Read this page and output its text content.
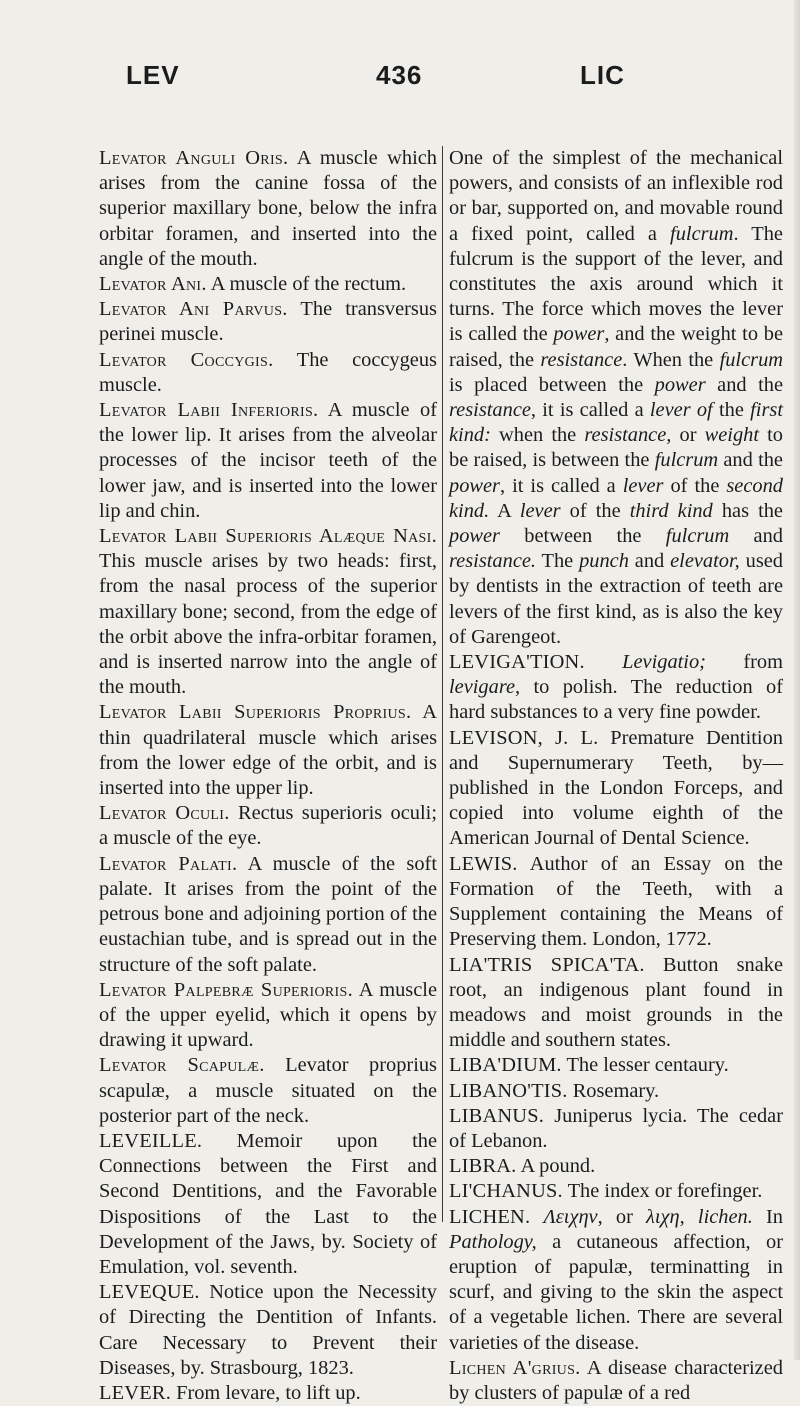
LEV	436	LIC

Levator Anguli Oris. A muscle which arises from the canine fossa of the superior maxillary bone, below the infra orbitar foramen, and inserted into the angle of the mouth.

Levator Ani. A muscle of the rectum.

Levator Ani Parvus. The transversus perinei muscle.

Levator Coccygis. The coccygeus muscle.

Levator Labii Inferioris. A muscle of the lower lip. It arises from the alveolar processes of the incisor teeth of the lower jaw, and is inserted into the lower lip and chin.

Levator Labii Superioris Alæque Nasi. This muscle arises by two heads: first, from the nasal process of the superior maxillary bone; second, from the edge of the orbit above the infra-orbitar foramen, and is inserted narrow into the angle of the mouth.

Levator Labii Superioris Proprius. A thin quadrilateral muscle which arises from the lower edge of the orbit, and is inserted into the upper lip.

Levator Oculi. Rectus superioris oculi; a muscle of the eye.

Levator Palati. A muscle of the soft palate. It arises from the point of the petrous bone and adjoining portion of the eustachian tube, and is spread out in the structure of the soft palate.

Levator Palpebræ Superioris. A muscle of the upper eyelid, which it opens by drawing it upward.

Levator Scapulæ. Levator proprius scapulæ, a muscle situated on the posterior part of the neck.

LEVEILLE. Memoir upon the Connections between the First and Second Dentitions, and the Favorable Dispositions of the Last to the Development of the Jaws, by. Society of Emulation, vol. seventh.

LEVEQUE. Notice upon the Necessity of Directing the Dentition of Infants. Care Necessary to Prevent their Diseases, by. Strasbourg, 1823.

LEVER. From levare, to lift up.

One of the simplest of the mechanical powers, and consists of an inflexible rod or bar, supported on, and movable round a fixed point, called a fulcrum. The fulcrum is the support of the lever, and constitutes the axis around which it turns. The force which moves the lever is called the power, and the weight to be raised, the resistance. When the fulcrum is placed between the power and the resistance, it is called a lever of the first kind: when the resistance, or weight to be raised, is between the fulcrum and the power, it is called a lever of the second kind. A lever of the third kind has the power between the fulcrum and resistance. The punch and elevator, used by dentists in the extraction of teeth are levers of the first kind, as is also the key of Garengeot.

LEVIGA'TION. Levigatio; from levigare, to polish. The reduction of hard substances to a very fine powder.

LEVISON, J. L. Premature Dentition and Supernumerary Teeth, by— published in the London Forceps, and copied into volume eighth of the American Journal of Dental Science.

LEWIS. Author of an Essay on the Formation of the Teeth, with a Supplement containing the Means of Preserving them. London, 1772.

LIA'TRIS SPICA'TA. Button snake root, an indigenous plant found in meadows and moist grounds in the middle and southern states.

LIBA'DIUM. The lesser centaury.

LIBANO'TIS. Rosemary.

LIBANUS. Juniperus lycia. The cedar of Lebanon.

LIBRA. A pound.

LI'CHANUS. The index or forefinger.

LICHEN. Λειχην, or λιχη, lichen. In Pathology, a cutaneous affection, or eruption of papulæ, terminatting in scurf, and giving to the skin the aspect of a vegetable lichen. There are several varieties of the disease.

Lichen A'grius. A disease characterized by clusters of papulæ of a red
